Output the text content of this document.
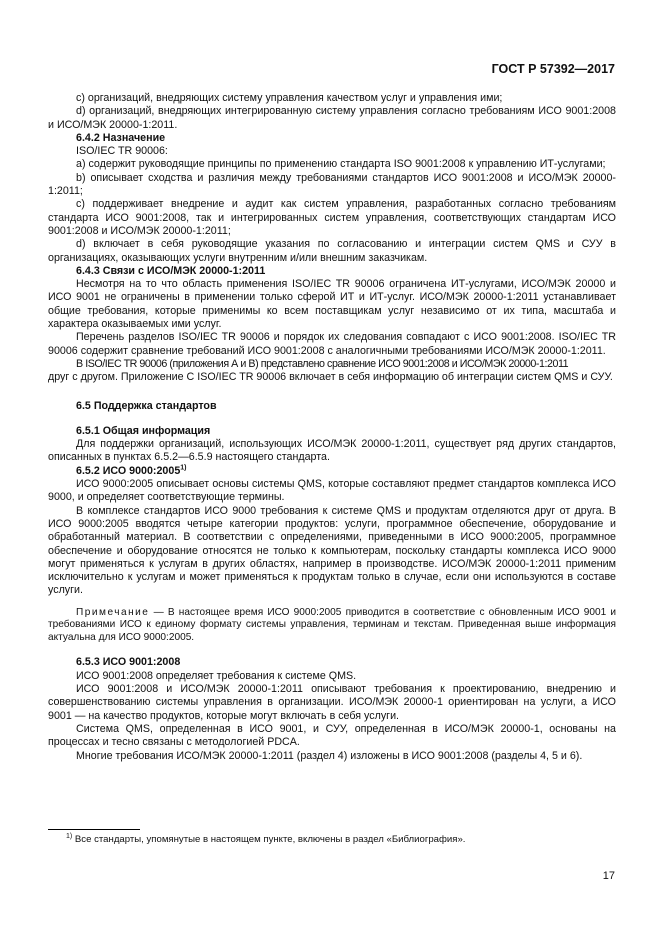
ГОСТ Р 57392—2017

с) организаций, внедряющих систему управления качеством услуг и управления ими;

d) организаций, внедряющих интегрированную систему управления согласно требованиям ИСО 9001:2008 и ИСО/МЭК 20000-1:2011.

6.4.2 Назначение

ISO/IEC TR 90006:

a) содержит руководящие принципы по применению стандарта ISO 9001:2008 к управлению ИТ-услугами;

b) описывает сходства и различия между требованиями стандартов ИСО 9001:2008 и ИСО/МЭК 20000-1:2011;

c) поддерживает внедрение и аудит как систем управления, разработанных согласно требованиям стандарта ИСО 9001:2008, так и интегрированных систем управления, соответствующих стандартам ИСО 9001:2008 и ИСО/МЭК 20000-1:2011;

d) включает в себя руководящие указания по согласованию и интеграции систем QMS и СУУ в организациях, оказывающих услуги внутренним и/или внешним заказчикам.

6.4.3 Связи с ИСО/МЭК 20000-1:2011

Несмотря на то что область применения ISO/IEC TR 90006 ограничена ИТ-услугами, ИСО/МЭК 20000 и ИСО 9001 не ограничены в применении только сферой ИТ и ИТ-услуг. ИСО/МЭК 20000-1:2011 устанавливает общие требования, которые применимы ко всем поставщикам услуг независимо от их типа, масштаба и характера оказываемых ими услуг.

Перечень разделов ISO/IEC TR 90006 и порядок их следования совпадают с ИСО 9001:2008. ISO/IEC TR 90006 содержит сравнение требований ИСО 9001:2008 с аналогичными требованиями ИСО/МЭК 20000-1:2011.

В ISO/IEC TR 90006 (приложения А и В) представлено сравнение ИСО 9001:2008 и ИСО/МЭК 20000-1:2011

друг с другом. Приложение С ISO/IEC TR 90006 включает в себя информацию об интеграции систем QMS и СУУ.

6.5 Поддержка стандартов

6.5.1 Общая информация

Для поддержки организаций, использующих ИСО/МЭК 20000-1:2011, существует ряд других стандартов, описанных в пунктах 6.5.2—6.5.9 настоящего стандарта.

6.5.2 ИСО 9000:2005$^{1)}$

ИСО 9000:2005 описывает основы системы QMS, которые составляют предмет стандартов комплекса ИСО 9000, и определяет соответствующие термины.

В комплексе стандартов ИСО 9000 требования к системе QMS и продуктам отделяются друг от друга. В ИСО 9000:2005 вводятся четыре категории продуктов: услуги, программное обеспечение, оборудование и обработанный материал. В соответствии с определениями, приведенными в ИСО 9000:2005, программное обеспечение и оборудование относятся не только к компьютерам, поскольку стандарты комплекса ИСО 9000 могут применяться к услугам в других областях, например в производстве. ИСО/МЭК 20000-1:2011 применим исключительно к услугам и может применяться к продуктам только в случае, если они используются в составе услуги.

Примечание — В настоящее время ИСО 9000:2005 приводится в соответствие с обновленным ИСО 9001 и требованиями ИСО к единому формату системы управления, терминам и текстам. Приведенная выше информация актуальна для ИСО 9000:2005.

6.5.3 ИСО 9001:2008

ИСО 9001:2008 определяет требования к системе QMS.

ИСО 9001:2008 и ИСО/МЭК 20000-1:2011 описывают требования к проектированию, внедрению и совершенствованию системы управления в организации. ИСО/МЭК 20000-1 ориентирован на услуги, а ИСО 9001 — на качество продуктов, которые могут включать в себя услуги.

Система QMS, определенная в ИСО 9001, и СУУ, определенная в ИСО/МЭК 20000-1, основаны на процессах и тесно связаны с методологией PDCA.

Многие требования ИСО/МЭК 20000-1:2011 (раздел 4) изложены в ИСО 9001:2008 (разделы 4, 5 и 6).

$^{1)}$ Все стандарты, упомянутые в настоящем пункте, включены в раздел «Библиография».
17
